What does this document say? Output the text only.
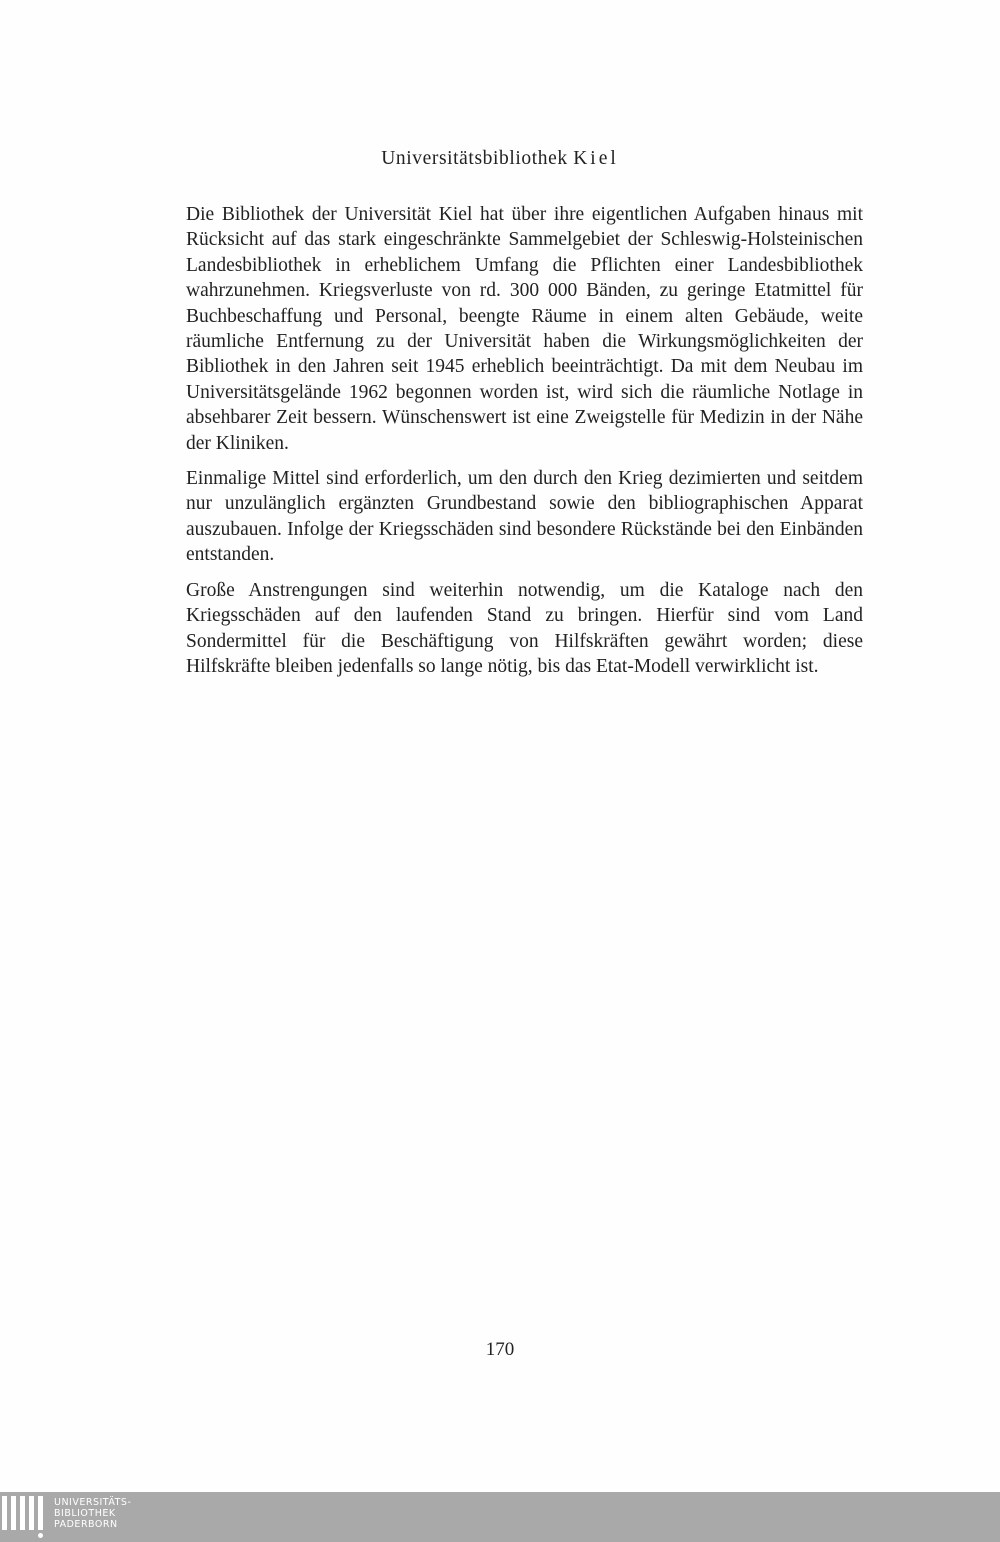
Universitätsbibliothek Kiel

Die Bibliothek der Universität Kiel hat über ihre eigentlichen Aufgaben hinaus mit Rücksicht auf das stark eingeschränkte Sammelgebiet der Schleswig-Holsteinischen Landesbibliothek in erheblichem Umfang die Pflichten einer Landesbibliothek wahrzunehmen. Kriegsverluste von rd. 300 000 Bänden, zu geringe Etatmittel für Buchbeschaffung und Personal, beengte Räume in einem alten Gebäude, weite räumliche Entfernung zu der Universität haben die Wirkungsmöglichkeiten der Bibliothek in den Jahren seit 1945 erheblich beeinträchtigt. Da mit dem Neubau im Universitätsgelände 1962 begonnen worden ist, wird sich die räumliche Notlage in absehbarer Zeit bessern. Wünschenswert ist eine Zweigstelle für Medizin in der Nähe der Kliniken.

Einmalige Mittel sind erforderlich, um den durch den Krieg dezimierten und seitdem nur unzulänglich ergänzten Grundbestand sowie den bibliographischen Apparat auszubauen. Infolge der Kriegsschäden sind besondere Rückstände bei den Einbänden entstanden.

Große Anstrengungen sind weiterhin notwendig, um die Kataloge nach den Kriegsschäden auf den laufenden Stand zu bringen. Hierfür sind vom Land Sondermittel für die Beschäftigung von Hilfskräften gewährt worden; diese Hilfskräfte bleiben jedenfalls so lange nötig, bis das Etat-Modell verwirklicht ist.

170
UNIVERSITÄTS-
BIBLIOTHEK
PADERBORN
